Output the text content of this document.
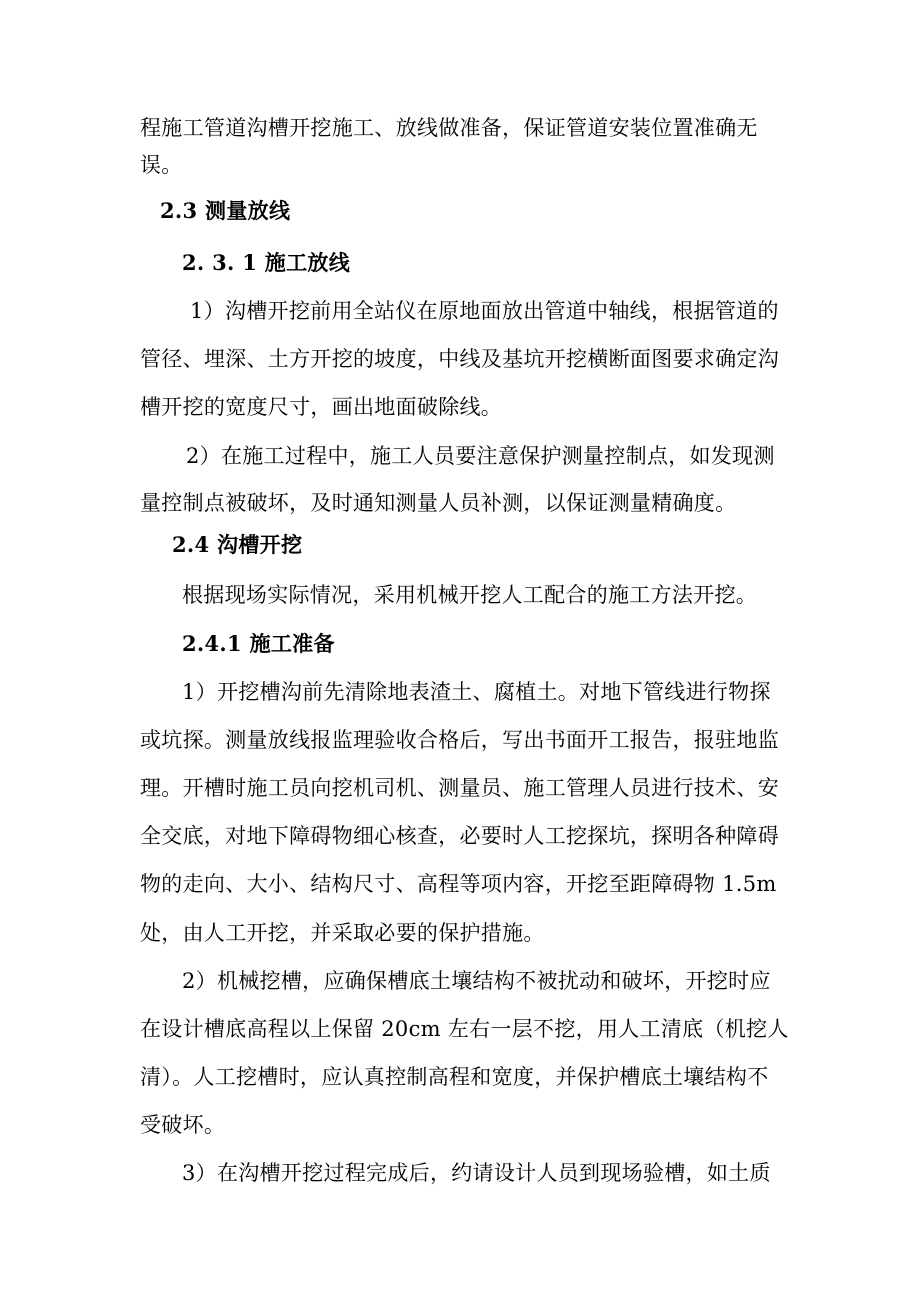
程施工管道沟槽开挖施工、放线做准备，保证管道安装位置准确无
误。
2.3 测量放线
2. 3. 1 施工放线
1）沟槽开挖前用全站仪在原地面放出管道中轴线，根据管道的
管径、埋深、土方开挖的坡度，中线及基坑开挖横断面图要求确定沟
槽开挖的宽度尺寸，画出地面破除线。
2）在施工过程中，施工人员要注意保护测量控制点，如发现测
量控制点被破坏，及时通知测量人员补测，以保证测量精确度。
2.4 沟槽开挖
根据现场实际情况，采用机械开挖人工配合的施工方法开挖。
2.4.1 施工准备
1）开挖槽沟前先清除地表渣土、腐植土。对地下管线进行物探
或坑探。测量放线报监理验收合格后，写出书面开工报告，报驻地监
理。开槽时施工员向挖机司机、测量员、施工管理人员进行技术、安
全交底，对地下障碍物细心核查，必要时人工挖探坑，探明各种障碍
物的走向、大小、结构尺寸、高程等项内容，开挖至距障碍物 1.5m
处，由人工开挖，并采取必要的保护措施。
2）机械挖槽，应确保槽底土壤结构不被扰动和破坏，开挖时应
在设计槽底高程以上保留 20cm 左右一层不挖，用人工清底（机挖人
清）。人工挖槽时，应认真控制高程和宽度，并保护槽底土壤结构不
受破坏。
3）在沟槽开挖过程完成后，约请设计人员到现场验槽，如土质
